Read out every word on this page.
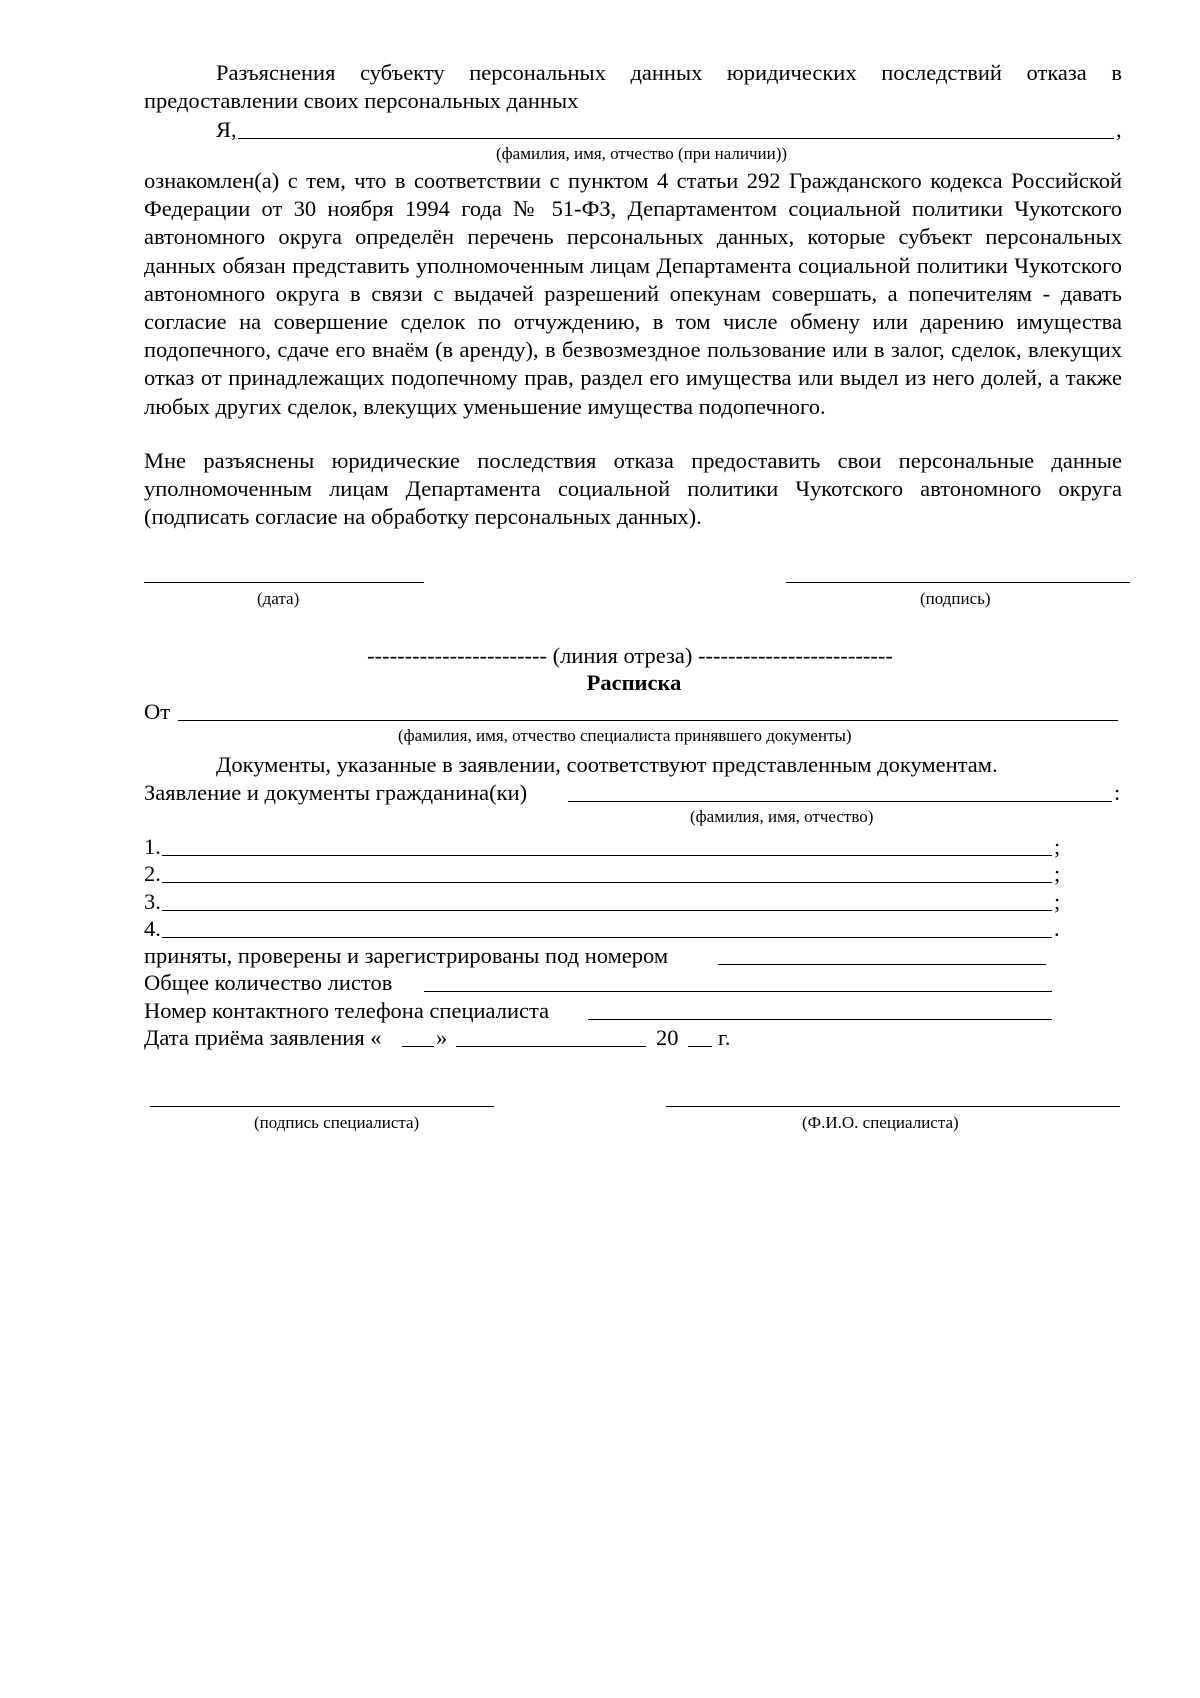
Разъяснения субъекту персональных данных юридических последствий отказа в предоставлении своих персональных данных
Я,	,
(фамилия, имя, отчество (при наличии))
ознакомлен(а) с тем, что в соответствии с пунктом 4 статьи 292 Гражданского кодекса Российской Федерации от 30 ноября 1994 года № 51-ФЗ, Департаментом социальной политики Чукотского автономного округа определён перечень персональных данных, которые субъект персональных данных обязан представить уполномоченным лицам Департамента социальной политики Чукотского автономного округа в связи с выдачей разрешений опекунам совершать, а попечителям - давать согласие на совершение сделок по отчуждению, в том числе обмену или дарению имущества подопечного, сдаче его внаём (в аренду), в безвозмездное пользование или в залог, сделок, влекущих отказ от принадлежащих подопечному прав, раздел его имущества или выдел из него долей, а также любых других сделок, влекущих уменьшение имущества подопечного.
Мне разъяснены юридические последствия отказа предоставить свои персональные данные уполномоченным лицам Департамента социальной политики Чукотского автономного округа (подписать согласие на обработку персональных данных).
(дата)	(подпись)
------------------------ (линия отреза) --------------------------
Расписка
От
(фамилия, имя, отчество специалиста принявшего документы)
Документы, указанные в заявлении, соответствуют представленным документам.
Заявление и документы гражданина(ки)	:
(фамилия, имя, отчество)
1.	;
2.	;
3.	;
4.	.
приняты, проверены и зарегистрированы под номером
Общее количество листов
Номер контактного телефона специалиста
Дата приёма заявления « »	20 г.
(подпись специалиста)	(Ф.И.О. специалиста)
